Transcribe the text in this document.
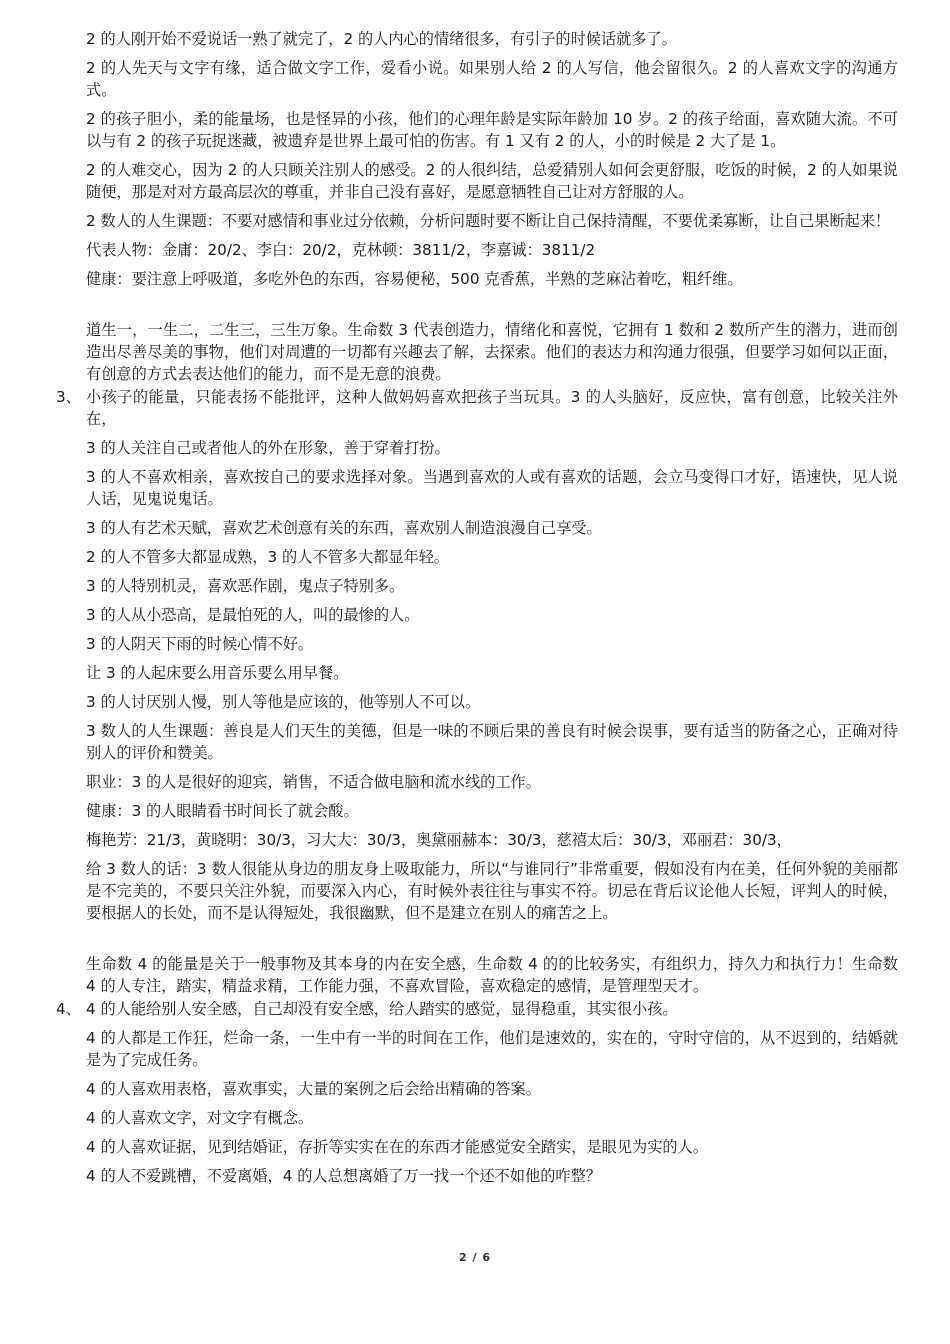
2 的人刚开始不爱说话一熟了就完了，2 的人内心的情绪很多，有引子的时候话就多了。

2 的人先天与文字有缘，适合做文字工作，爱看小说。如果别人给 2 的人写信，他会留很久。2 的人喜欢文字的沟通方式。

2 的孩子胆小，柔的能量场，也是怪异的小孩，他们的心理年龄是实际年龄加 10 岁。2 的孩子给面，喜欢随大流。不可以与有 2 的孩子玩捉迷藏，被遗弃是世界上最可怕的伤害。有 1 又有 2 的人，小的时候是 2 大了是 1。

2 的人难交心，因为 2 的人只顾关注别人的感受。2 的人很纠结，总爱猜别人如何会更舒服，吃饭的时候，2 的人如果说随便，那是对对方最高层次的尊重，并非自己没有喜好，是愿意牺牲自己让对方舒服的人。

2 数人的人生课题：不要对感情和事业过分依赖，分析问题时要不断让自己保持清醒，不要优柔寡断，让自己果断起来！

代表人物：金庸：20/2、李白：20/2，克林顿：3811/2，李嘉诚：3811/2

健康：要注意上呼吸道，多吃外色的东西，容易便秘，500 克香蕉，半熟的芝麻沾着吃，粗纤维。

道生一，一生二，二生三，三生万象。生命数 3 代表创造力，情绪化和喜悦，它拥有 1 数和 2 数所产生的潜力，进而创造出尽善尽美的事物，他们对周遭的一切都有兴趣去了解，去探索。他们的表达力和沟通力很强，但要学习如何以正面，有创意的方式去表达他们的能力，而不是无意的浪费。

3、 小孩子的能量，只能表扬不能批评，这种人做妈妈喜欢把孩子当玩具。3 的人头脑好，反应快，富有创意，比较关注外在，

3 的人关注自己或者他人的外在形象，善于穿着打扮。

3 的人不喜欢相亲，喜欢按自己的要求选择对象。当遇到喜欢的人或有喜欢的话题，会立马变得口才好，语速快，见人说人话，见鬼说鬼话。

3 的人有艺术天赋，喜欢艺术创意有关的东西，喜欢别人制造浪漫自己享受。

2 的人不管多大都显成熟，3 的人不管多大都显年轻。

3 的人特别机灵，喜欢恶作剧，鬼点子特别多。

3 的人从小恐高，是最怕死的人，叫的最惨的人。

3 的人阴天下雨的时候心情不好。

让 3 的人起床要么用音乐要么用早餐。

3 的人讨厌别人慢，别人等他是应该的，他等别人不可以。

3 数人的人生课题：善良是人们天生的美德，但是一味的不顾后果的善良有时候会误事，要有适当的防备之心，正确对待别人的评价和赞美。

职业：3 的人是很好的迎宾，销售，不适合做电脑和流水线的工作。

健康：3 的人眼睛看书时间长了就会酸。

梅艳芳：21/3，黄晓明：30/3，习大大：30/3，奥黛丽赫本：30/3，慈禧太后：30/3，邓丽君：30/3，

给 3 数人的话：3 数人很能从身边的朋友身上吸取能力，所以“与谁同行”非常重要，假如没有内在美，任何外貌的美丽都是不完美的，不要只关注外貌，而要深入内心，有时候外表往往与事实不符。切忌在背后议论他人长短，评判人的时候，要根据人的长处，而不是认得短处，我很幽默，但不是建立在别人的痛苦之上。

生命数 4 的能量是关于一般事物及其本身的内在安全感，生命数 4 的的比较务实，有组织力，持久力和执行力！生命数 4 的人专注，踏实，精益求精，工作能力强，不喜欢冒险，喜欢稳定的感情，是管理型天才。

4、 4 的人能给别人安全感，自己却没有安全感，给人踏实的感觉，显得稳重，其实很小孩。

4 的人都是工作狂，烂命一条，一生中有一半的时间在工作，他们是速效的，实在的，守时守信的，从不迟到的，结婚就是为了完成任务。

4 的人喜欢用表格，喜欢事实，大量的案例之后会给出精确的答案。

4 的人喜欢文字，对文字有概念。

4 的人喜欢证据，见到结婚证，存折等实实在在的东西才能感觉安全踏实，是眼见为实的人。

4 的人不爱跳槽，不爱离婚，4 的人总想离婚了万一找一个还不如他的咋整？

2 / 6
